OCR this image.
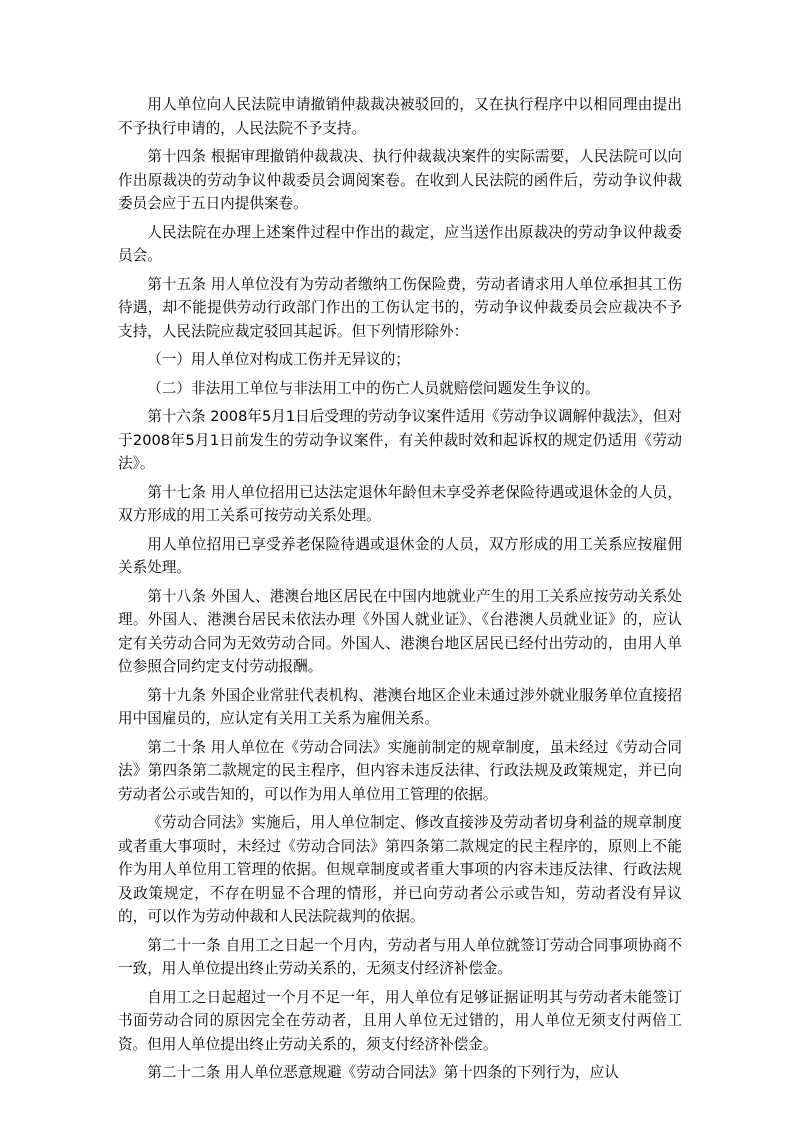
用人单位向人民法院申请撤销仲裁裁决被驳回的，又在执行程序中以相同理由提出不予执行申请的，人民法院不予支持。

第十四条 根据审理撤销仲裁裁决、执行仲裁裁决案件的实际需要，人民法院可以向作出原裁决的劳动争议仲裁委员会调阅案卷。在收到人民法院的函件后，劳动争议仲裁委员会应于五日内提供案卷。

人民法院在办理上述案件过程中作出的裁定，应当送作出原裁决的劳动争议仲裁委员会。

第十五条 用人单位没有为劳动者缴纳工伤保险费，劳动者请求用人单位承担其工伤待遇，却不能提供劳动行政部门作出的工伤认定书的，劳动争议仲裁委员会应裁决不予支持，人民法院应裁定驳回其起诉。但下列情形除外：

（一）用人单位对构成工伤并无异议的；

（二）非法用工单位与非法用工中的伤亡人员就赔偿问题发生争议的。

第十六条 2008年5月1日后受理的劳动争议案件适用《劳动争议调解仲裁法》，但对于2008年5月1日前发生的劳动争议案件，有关仲裁时效和起诉权的规定仍适用《劳动法》。

第十七条 用人单位招用已达法定退休年龄但未享受养老保险待遇或退休金的人员，双方形成的用工关系可按劳动关系处理。

用人单位招用已享受养老保险待遇或退休金的人员，双方形成的用工关系应按雇佣关系处理。

第十八条 外国人、港澳台地区居民在中国内地就业产生的用工关系应按劳动关系处理。外国人、港澳台居民未依法办理《外国人就业证》、《台港澳人员就业证》的，应认定有关劳动合同为无效劳动合同。外国人、港澳台地区居民已经付出劳动的，由用人单位参照合同约定支付劳动报酬。

第十九条 外国企业常驻代表机构、港澳台地区企业未通过涉外就业服务单位直接招用中国雇员的，应认定有关用工关系为雇佣关系。

第二十条 用人单位在《劳动合同法》实施前制定的规章制度，虽未经过《劳动合同法》第四条第二款规定的民主程序，但内容未违反法律、行政法规及政策规定，并已向劳动者公示或告知的，可以作为用人单位用工管理的依据。

《劳动合同法》实施后，用人单位制定、修改直接涉及劳动者切身利益的规章制度或者重大事项时，未经过《劳动合同法》第四条第二款规定的民主程序的，原则上不能作为用人单位用工管理的依据。但规章制度或者重大事项的内容未违反法律、行政法规及政策规定，不存在明显不合理的情形，并已向劳动者公示或告知，劳动者没有异议的，可以作为劳动仲裁和人民法院裁判的依据。

第二十一条 自用工之日起一个月内，劳动者与用人单位就签订劳动合同事项协商不一致，用人单位提出终止劳动关系的，无须支付经济补偿金。

自用工之日起超过一个月不足一年，用人单位有足够证据证明其与劳动者未能签订书面劳动合同的原因完全在劳动者，且用人单位无过错的，用人单位无须支付两倍工资。但用人单位提出终止劳动关系的，须支付经济补偿金。

第二十二条 用人单位恶意规避《劳动合同法》第十四条的下列行为，应认
